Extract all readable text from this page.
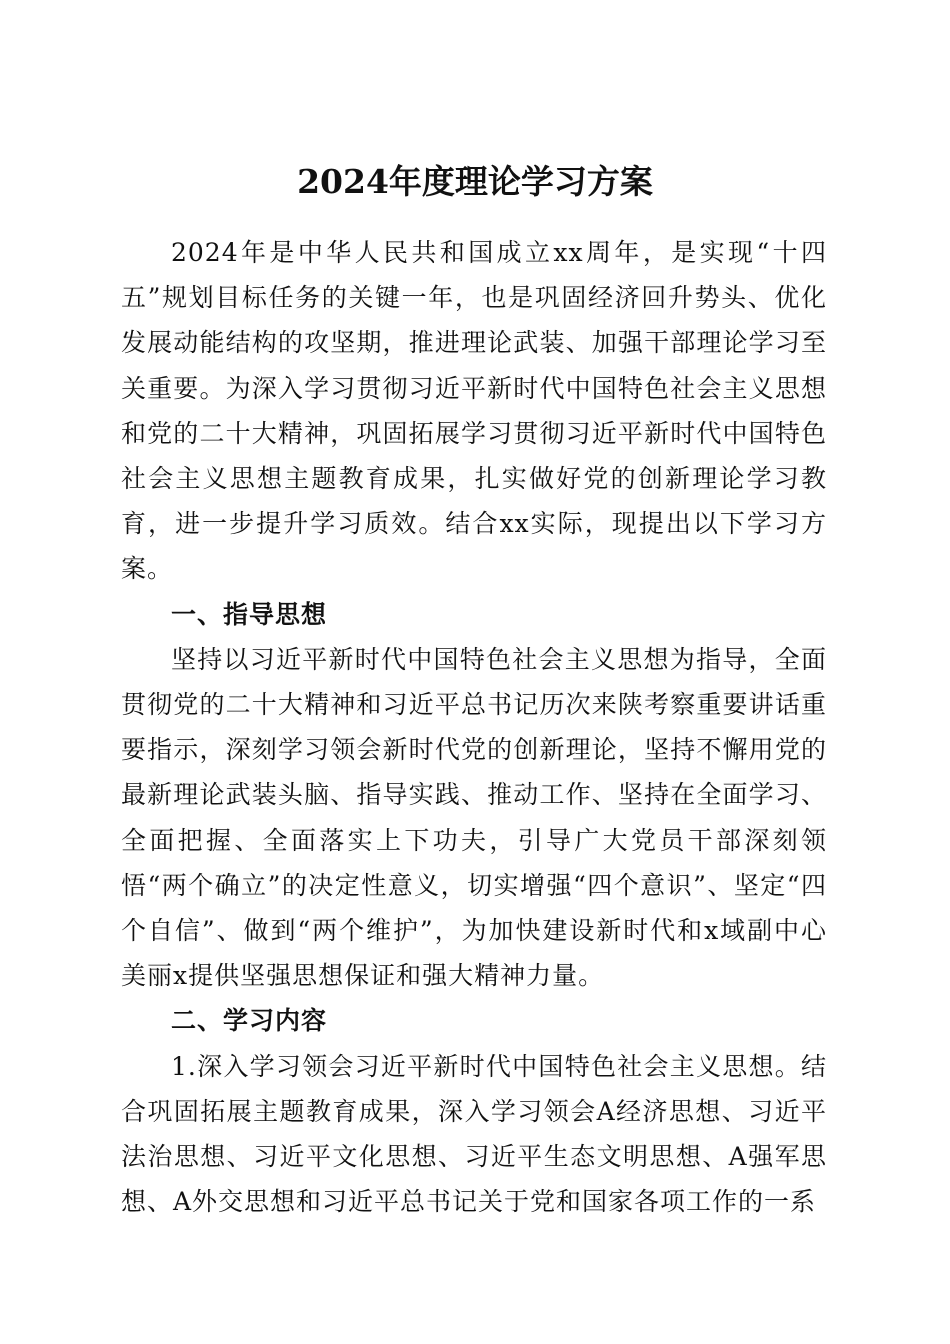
2024年度理论学习方案

2024年是中华人民共和国成立xx周年，是实现“十四五”规划目标任务的关键一年，也是巩固经济回升势头、优化发展动能结构的攻坚期，推进理论武装、加强干部理论学习至关重要。为深入学习贯彻习近平新时代中国特色社会主义思想和党的二十大精神，巩固拓展学习贯彻习近平新时代中国特色社会主义思想主题教育成果，扎实做好党的创新理论学习教育，进一步提升学习质效。结合xx实际，现提出以下学习方案。

一、指导思想

坚持以习近平新时代中国特色社会主义思想为指导，全面贯彻党的二十大精神和习近平总书记历次来陕考察重要讲话重要指示，深刻学习领会新时代党的创新理论，坚持不懈用党的最新理论武装头脑、指导实践、推动工作、坚持在全面学习、全面把握、全面落实上下功夫，引导广大党员干部深刻领悟“两个确立”的决定性意义，切实增强“四个意识”、坚定“四个自信”、做到“两个维护”，为加快建设新时代和x域副中心美丽x提供坚强思想保证和强大精神力量。

二、学习内容

1.深入学习领会习近平新时代中国特色社会主义思想。结合巩固拓展主题教育成果，深入学习领会A经济思想、习近平法治思想、习近平文化思想、习近平生态文明思想、A强军思想、A外交思想和习近平总书记关于党和国家各项工作的一系
